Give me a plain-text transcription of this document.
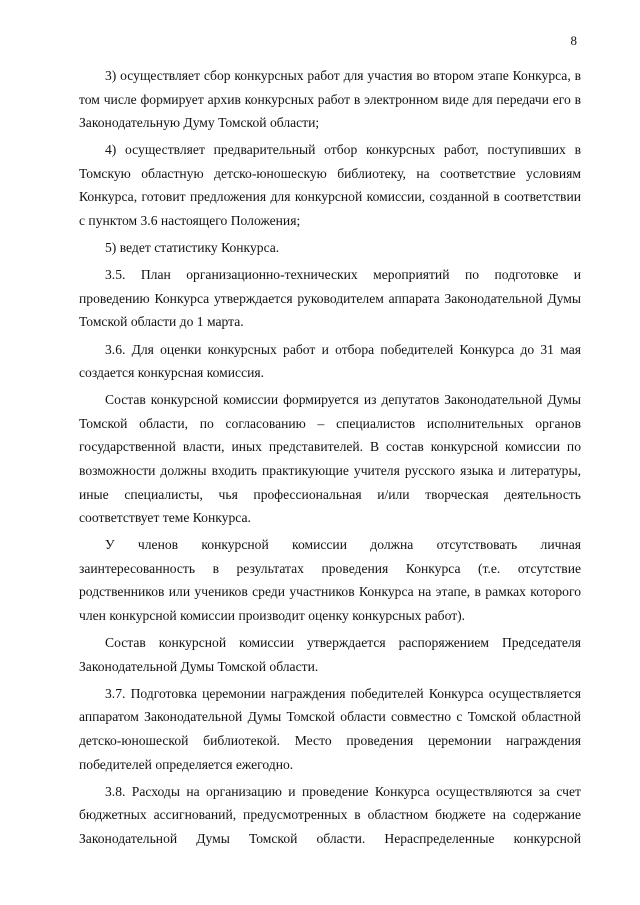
8

3) осуществляет сбор конкурсных работ для участия во втором этапе Конкурса, в том числе формирует архив конкурсных работ в электронном виде для передачи его в Законодательную Думу Томской области;

4) осуществляет предварительный отбор конкурсных работ, поступивших в Томскую областную детско-юношескую библиотеку, на соответствие условиям Конкурса, готовит предложения для конкурсной комиссии, созданной в соответствии с пунктом 3.6 настоящего Положения;

5) ведет статистику Конкурса.

3.5. План организационно-технических мероприятий по подготовке и проведению Конкурса утверждается руководителем аппарата Законодательной Думы Томской области до 1 марта.

3.6. Для оценки конкурсных работ и отбора победителей Конкурса до 31 мая создается конкурсная комиссия.

Состав конкурсной комиссии формируется из депутатов Законодательной Думы Томской области, по согласованию – специалистов исполнительных органов государственной власти, иных представителей. В состав конкурсной комиссии по возможности должны входить практикующие учителя русского языка и литературы, иные специалисты, чья профессиональная и/или творческая деятельность соответствует теме Конкурса.

У членов конкурсной комиссии должна отсутствовать личная заинтересованность в результатах проведения Конкурса (т.е. отсутствие родственников или учеников среди участников Конкурса на этапе, в рамках которого член конкурсной комиссии производит оценку конкурсных работ).

Состав конкурсной комиссии утверждается распоряжением Председателя Законодательной Думы Томской области.

3.7. Подготовка церемонии награждения победителей Конкурса осуществляется аппаратом Законодательной Думы Томской области совместно с Томской областной детско-юношеской библиотекой. Место проведения церемонии награждения победителей определяется ежегодно.

3.8. Расходы на организацию и проведение Конкурса осуществляются за счет бюджетных ассигнований, предусмотренных в областном бюджете на содержание Законодательной Думы Томской области. Нераспределенные конкурсной
